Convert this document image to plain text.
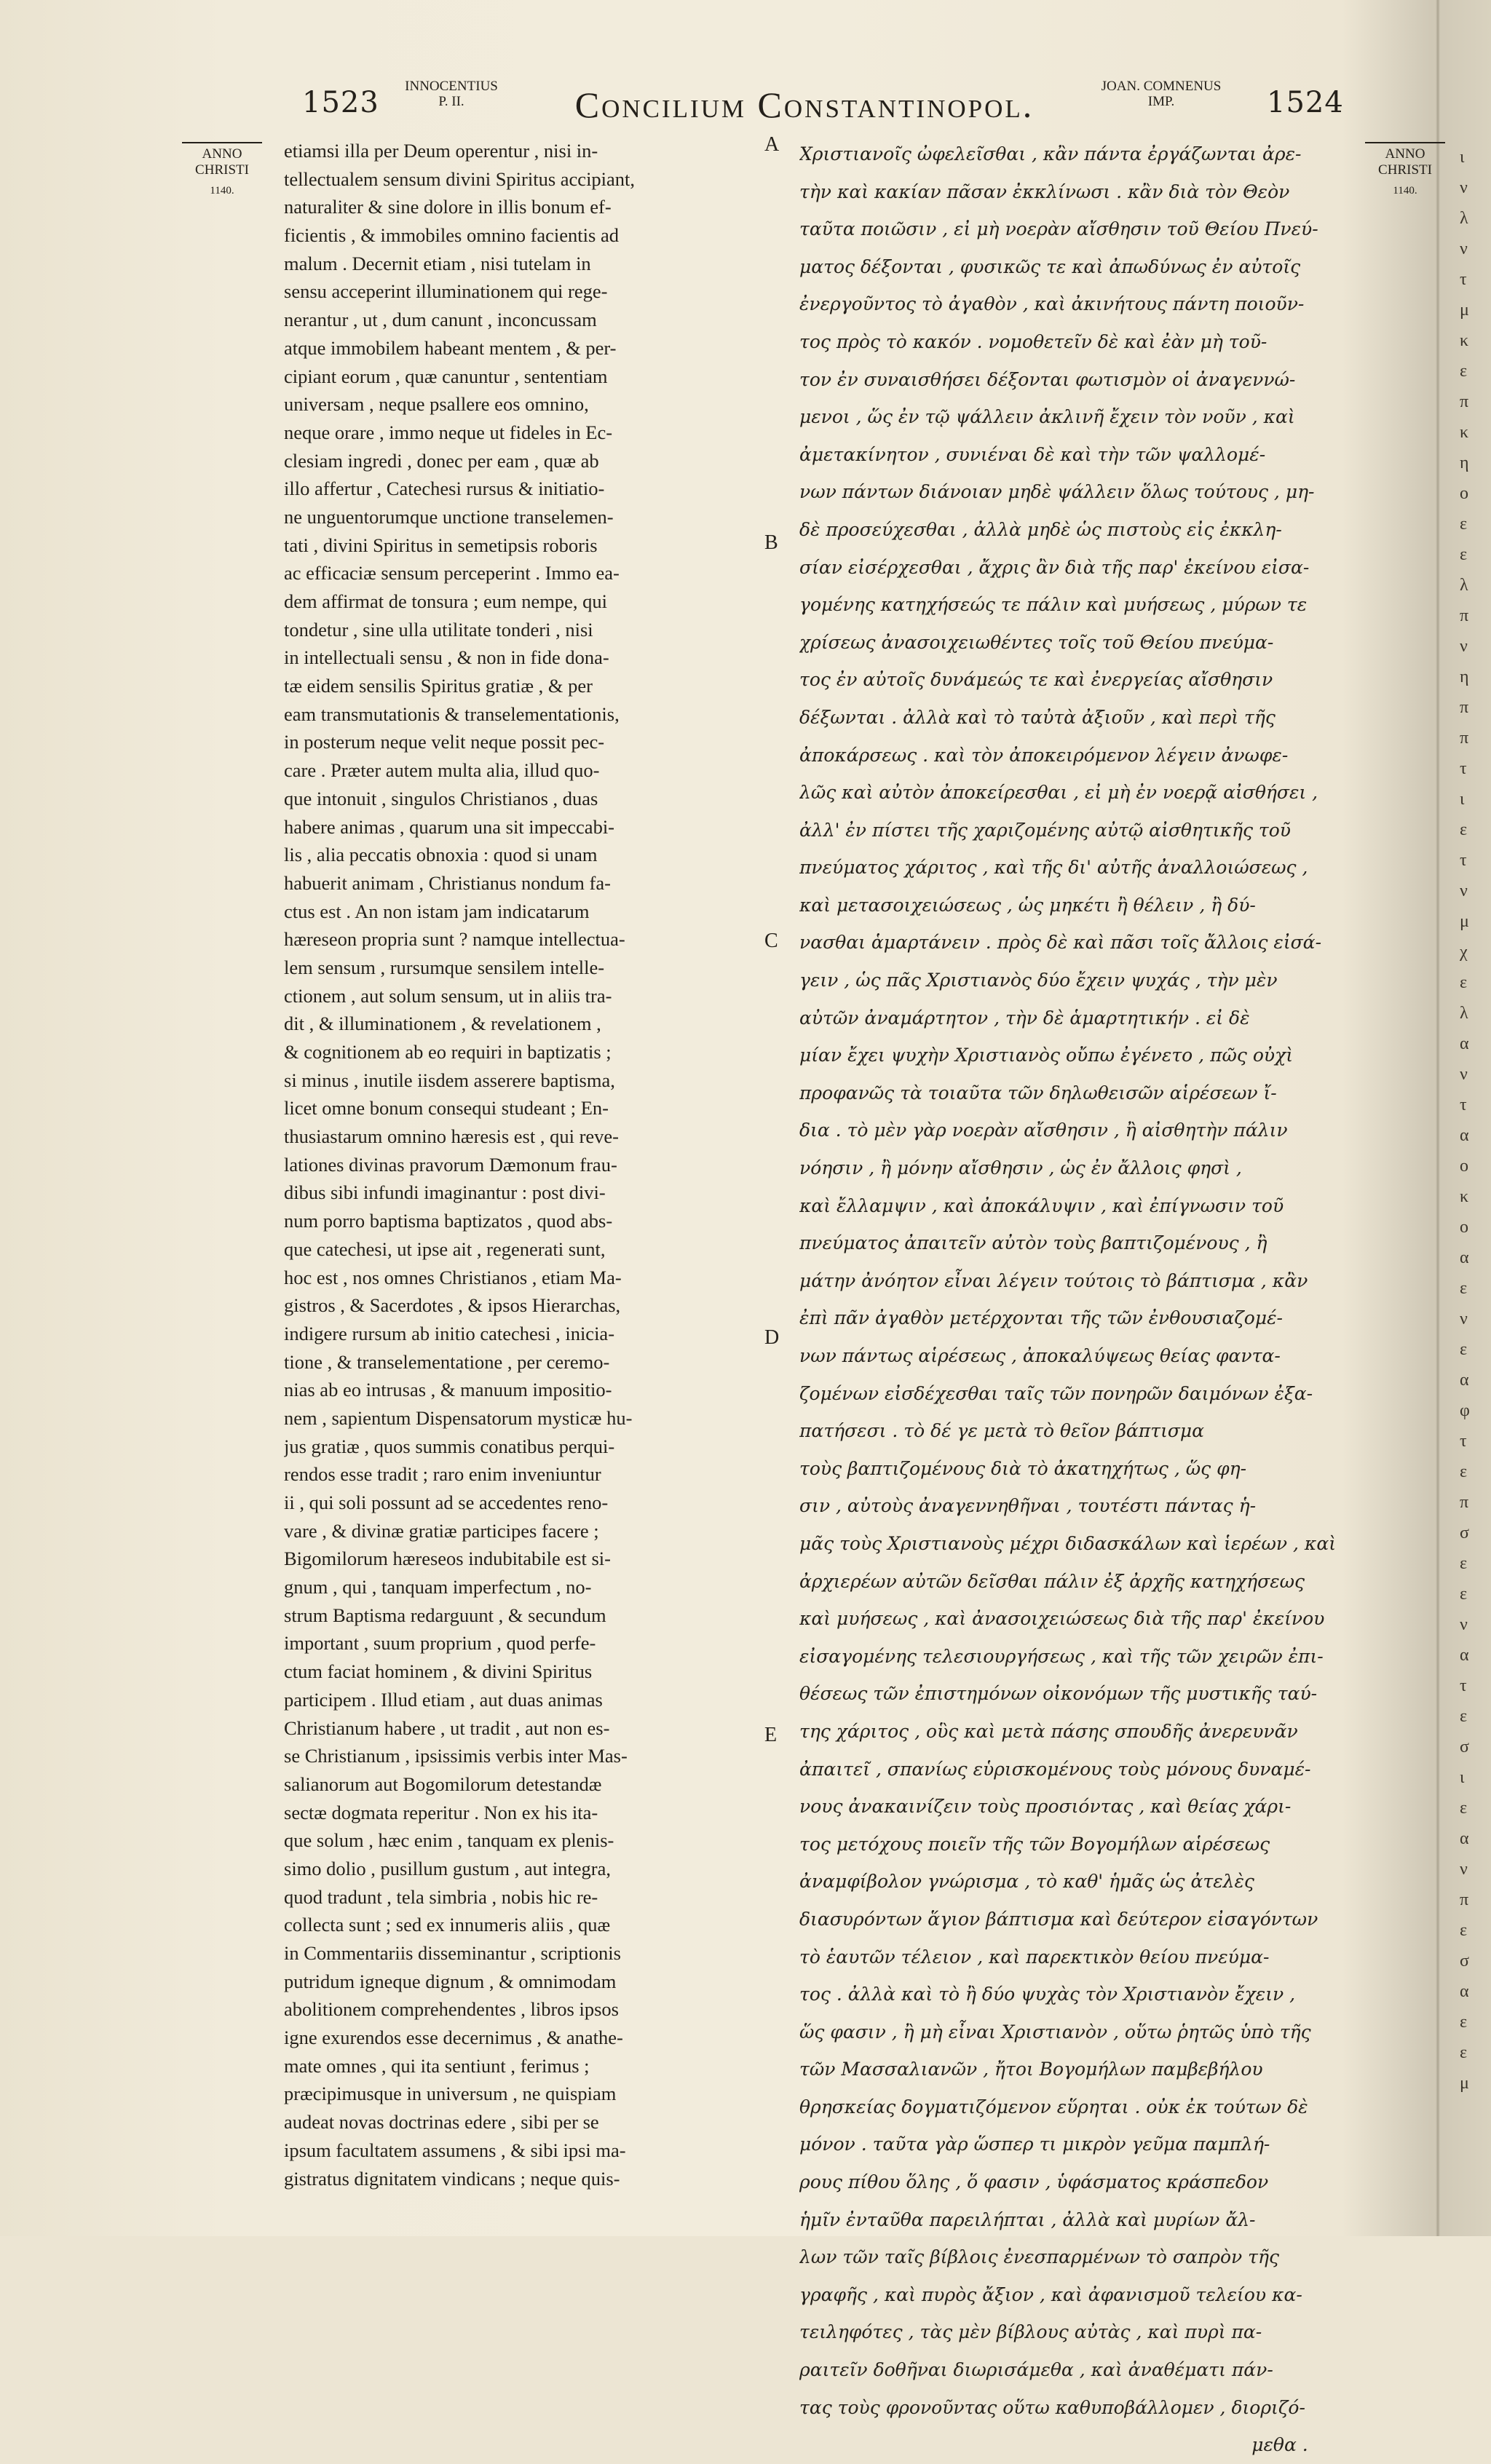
1523	INNOCENTIUS
P. II.	Concilium Constantinopol.	JOAN. COMNENUS
IMP.	1524
ANNO
CHRISTI
1140.
ANNO
CHRISTI
1140.
etiamsi illa per Deum operentur , nisi in-
tellectualem sensum divini Spiritus accipiant,
naturaliter & sine dolore in illis bonum ef-
ficientis , & immobiles omnino facientis ad
malum . Decernit etiam , nisi tutelam in
sensu acceperint illuminationem qui rege-
nerantur , ut , dum canunt , inconcussam
atque immobilem habeant mentem , & per-
cipiant eorum , quæ canuntur , sententiam
universam , neque psallere eos omnino,
neque orare , immo neque ut fideles in Ec-
clesiam ingredi , donec per eam , quæ ab
illo affertur , Catechesi rursus & initiatio-
ne unguentorumque unctione transelemen-
tati , divini Spiritus in semetipsis roboris
ac efficaciæ sensum perceperint . Immo ea-
dem affirmat de tonsura ; eum nempe, qui
tondetur , sine ulla utilitate tonderi , nisi
in intellectuali sensu , & non in fide dona-
tæ eidem sensilis Spiritus gratiæ , & per
eam transmutationis & transelementationis,
in posterum neque velit neque possit pec-
care . Præter autem multa alia, illud quo-
que intonuit , singulos Christianos , duas
habere animas , quarum una sit impeccabi-
lis , alia peccatis obnoxia : quod si unam
habuerit animam , Christianus nondum fa-
ctus est . An non istam jam indicatarum
hæreseon propria sunt ? namque intellectua-
lem sensum , rursumque sensilem intelle-
ctionem , aut solum sensum, ut in aliis tra-
dit , & illuminationem , & revelationem ,
& cognitionem ab eo requiri in baptizatis ;
si minus , inutile iisdem asserere baptisma,
licet omne bonum consequi studeant ; En-
thusiastarum omnino hæresis est , qui reve-
lationes divinas pravorum Dæmonum frau-
dibus sibi infundi imaginantur : post divi-
num porro baptisma baptizatos , quod abs-
que catechesi, ut ipse ait , regenerati sunt,
hoc est , nos omnes Christianos , etiam Ma-
gistros , & Sacerdotes , & ipsos Hierarchas,
indigere rursum ab initio catechesi , inicia-
tione , & transelementatione , per ceremo-
nias ab eo intrusas , & manuum impositio-
nem , sapientum Dispensatorum mysticæ hu-
jus gratiæ , quos summis conatibus perqui-
rendos esse tradit ; raro enim inveniuntur
ii , qui soli possunt ad se accedentes reno-
vare , & divinæ gratiæ participes facere ;
Bigomilorum hæreseos indubitabile est si-
gnum , qui , tanquam imperfectum , no-
strum Baptisma redarguunt , & secundum
important , suum proprium , quod perfe-
ctum faciat hominem , & divini Spiritus
participem . Illud etiam , aut duas animas
Christianum habere , ut tradit , aut non es-
se Christianum , ipsissimis verbis inter Mas-
salianorum aut Bogomilorum detestandæ
sectæ dogmata reperitur . Non ex his ita-
que solum , hæc enim , tanquam ex plenis-
simo dolio , pusillum gustum , aut integra,
quod tradunt , tela simbria , nobis hic re-
collecta sunt ; sed ex innumeris aliis , quæ
in Commentariis disseminantur , scriptionis
putridum igneque dignum , & omnimodam
abolitionem comprehendentes , libros ipsos
igne exurendos esse decernimus , & anathe-
mate omnes , qui ita sentiunt , ferimus ;
præcipimusque in universum , ne quispiam
audeat novas doctrinas edere , sibi per se
ipsum facultatem assumens , & sibi ipsi ma-
gistratus dignitatem vindicans ; neque quis-
A
B
C
D
E
Χριστιανοῖς ὠφελεῖσθαι , κἂν πάντα ἐργάζωνται ἀρε-
τὴν καὶ κακίαν πᾶσαν ἐκκλίνωσι . κἂν διὰ τὸν Θεὸν
ταῦτα ποιῶσιν , εἰ μὴ νοερὰν αἴσθησιν τοῦ Θείου Πνεύ-
ματος δέξονται , φυσικῶς τε καὶ ἀπωδύνως ἐν αὐτοῖς
ἐνεργοῦντος τὸ ἀγαθὸν , καὶ ἀκινήτους πάντη ποιοῦν-
τος πρὸς τὸ κακόν . νομοθετεῖν δὲ καὶ ἐὰν μὴ τοῦ-
τον ἐν συναισθήσει δέξονται φωτισμὸν οἱ ἀναγεννώ-
μενοι , ὥς ἐν τῷ ψάλλειν ἀκλινῆ ἔχειν τὸν νοῦν , καὶ
ἀμετακίνητον , συνιέναι δὲ καὶ τὴν τῶν ψαλλομέ-
νων πάντων διάνοιαν μηδὲ ψάλλειν ὅλως τούτους , μη-
δὲ προσεύχεσθαι , ἀλλὰ μηδὲ ὡς πιστοὺς εἰς ἐκκλη-
σίαν εἰσέρχεσθαι , ἄχρις ἂν διὰ τῆς παρ' ἐκείνου εἰσα-
γομένης κατηχήσεώς τε πάλιν καὶ μυήσεως , μύρων τε
χρίσεως ἀνασοιχειωθέντες τοῖς τοῦ Θείου πνεύμα-
τος ἐν αὐτοῖς δυνάμεώς τε καὶ ἐνεργείας αἴσθησιν
δέξωνται . ἀλλὰ καὶ τὸ ταὐτὰ ἀξιοῦν , καὶ περὶ τῆς
ἀποκάρσεως . καὶ τὸν ἀποκειρόμενον λέγειν ἀνωφε-
λῶς καὶ αὐτὸν ἀποκείρεσθαι , εἰ μὴ ἐν νοερᾷ αἰσθήσει ,
ἀλλ' ἐν πίστει τῆς χαριζομένης αὐτῷ αἰσθητικῆς τοῦ
πνεύματος χάριτος , καὶ τῆς δι' αὐτῆς ἀναλλοιώσεως ,
καὶ μετασοιχειώσεως , ὡς μηκέτι ἢ θέλειν , ἢ δύ-
νασθαι ἁμαρτάνειν . πρὸς δὲ καὶ πᾶσι τοῖς ἄλλοις εἰσά-
γειν , ὡς πᾶς Χριστιανὸς δύο ἔχειν ψυχάς , τὴν μὲν
αὐτῶν ἀναμάρτητον , τὴν δὲ ἁμαρτητικήν . εἰ δὲ
μίαν ἔχει ψυχὴν Χριστιανὸς οὔπω ἐγένετο , πῶς οὐχὶ
προφανῶς τὰ τοιαῦτα τῶν δηλωθεισῶν αἱρέσεων ἴ-
δια . τὸ μὲν γὰρ νοερὰν αἴσθησιν , ἢ αἰσθητὴν πάλιν
νόησιν , ἢ μόνην αἴσθησιν , ὡς ἐν ἄλλοις φησὶ ,
καὶ ἔλλαμψιν , καὶ ἀποκάλυψιν , καὶ ἐπίγνωσιν τοῦ
πνεύματος ἀπαιτεῖν αὐτὸν τοὺς βαπτιζομένους , ἢ
μάτην ἀνόητον εἶναι λέγειν τούτοις τὸ βάπτισμα , κἂν
ἐπὶ πᾶν ἀγαθὸν μετέρχονται τῆς τῶν ἐνθουσιαζομέ-
νων πάντως αἱρέσεως , ἀποκαλύψεως θείας φαντα-
ζομένων εἰσδέχεσθαι ταῖς τῶν πονηρῶν δαιμόνων ἐξα-
πατήσεσι . τὸ δέ γε μετὰ τὸ θεῖον βάπτισμα
τοὺς βαπτιζομένους διὰ τὸ ἀκατηχήτως , ὥς φη-
σιν , αὐτοὺς ἀναγεννηθῆναι , τουτέστι πάντας ἡ-
μᾶς τοὺς Χριστιανοὺς μέχρι διδασκάλων καὶ ἱερέων , καὶ
ἀρχιερέων αὐτῶν δεῖσθαι πάλιν ἐξ ἀρχῆς κατηχήσεως
καὶ μυήσεως , καὶ ἀνασοιχειώσεως διὰ τῆς παρ' ἐκείνου
εἰσαγομένης τελεσιουργήσεως , καὶ τῆς τῶν χειρῶν ἐπι-
θέσεως τῶν ἐπιστημόνων οἰκονόμων τῆς μυστικῆς ταύ-
της χάριτος , οὓς καὶ μετὰ πάσης σπουδῆς ἀνερευνᾶν
ἀπαιτεῖ , σπανίως εὑρισκομένους τοὺς μόνους δυναμέ-
νους ἀνακαινίζειν τοὺς προσιόντας , καὶ θείας χάρι-
τος μετόχους ποιεῖν τῆς τῶν Βογομήλων αἱρέσεως
ἀναμφίβολον γνώρισμα , τὸ καθ' ἡμᾶς ὡς ἀτελὲς
διασυρόντων ἅγιον βάπτισμα καὶ δεύτερον εἰσαγόντων
τὸ ἑαυτῶν τέλειον , καὶ παρεκτικὸν θείου πνεύμα-
τος . ἀλλὰ καὶ τὸ ἢ δύο ψυχὰς τὸν Χριστιανὸν ἔχειν ,
ὥς φασιν , ἢ μὴ εἶναι Χριστιανὸν , οὕτω ῥητῶς ὑπὸ τῆς
τῶν Μασσαλιανῶν , ἤτοι Βογομήλων παμβεβήλου
θρησκείας δογματιζόμενον εὕρηται . οὐκ ἐκ τούτων δὲ
μόνον . ταῦτα γὰρ ὥσπερ τι μικρὸν γεῦμα παμπλή-
ρους πίθου ὅλης , ὅ φασιν , ὑφάσματος κράσπεδον
ἡμῖν ἐνταῦθα παρειλήπται , ἀλλὰ καὶ μυρίων ἄλ-
λων τῶν ταῖς βίβλοις ἐνεσπαρμένων τὸ σαπρὸν τῆς
γραφῆς , καὶ πυρὸς ἄξιον , καὶ ἀφανισμοῦ τελείου κα-
τειληφότες , τὰς μὲν βίβλους αὐτὰς , καὶ πυρὶ πα-
ραιτεῖν δοθῆναι διωρισάμεθα , καὶ ἀναθέματι πάν-
τας τοὺς φρονοῦντας οὕτω καθυποβάλλομεν , διοριζό-
μεθα .
ι
ν
λ
ν
τ
μ
κ
ε
π
κ
η
ο
ε
ε
λ
π
ν
η
π
π
τ
ι
ε
τ
ν
μ
χ
ε
λ
α
ν
τ
α
ο
κ
ο
α
ε
ν
ε
α
φ
τ
ε
π
σ
ε
ε
ν
α
τ
ε
σ
ι
ε
α
ν
π
ε
σ
α
ε
ε
μ
